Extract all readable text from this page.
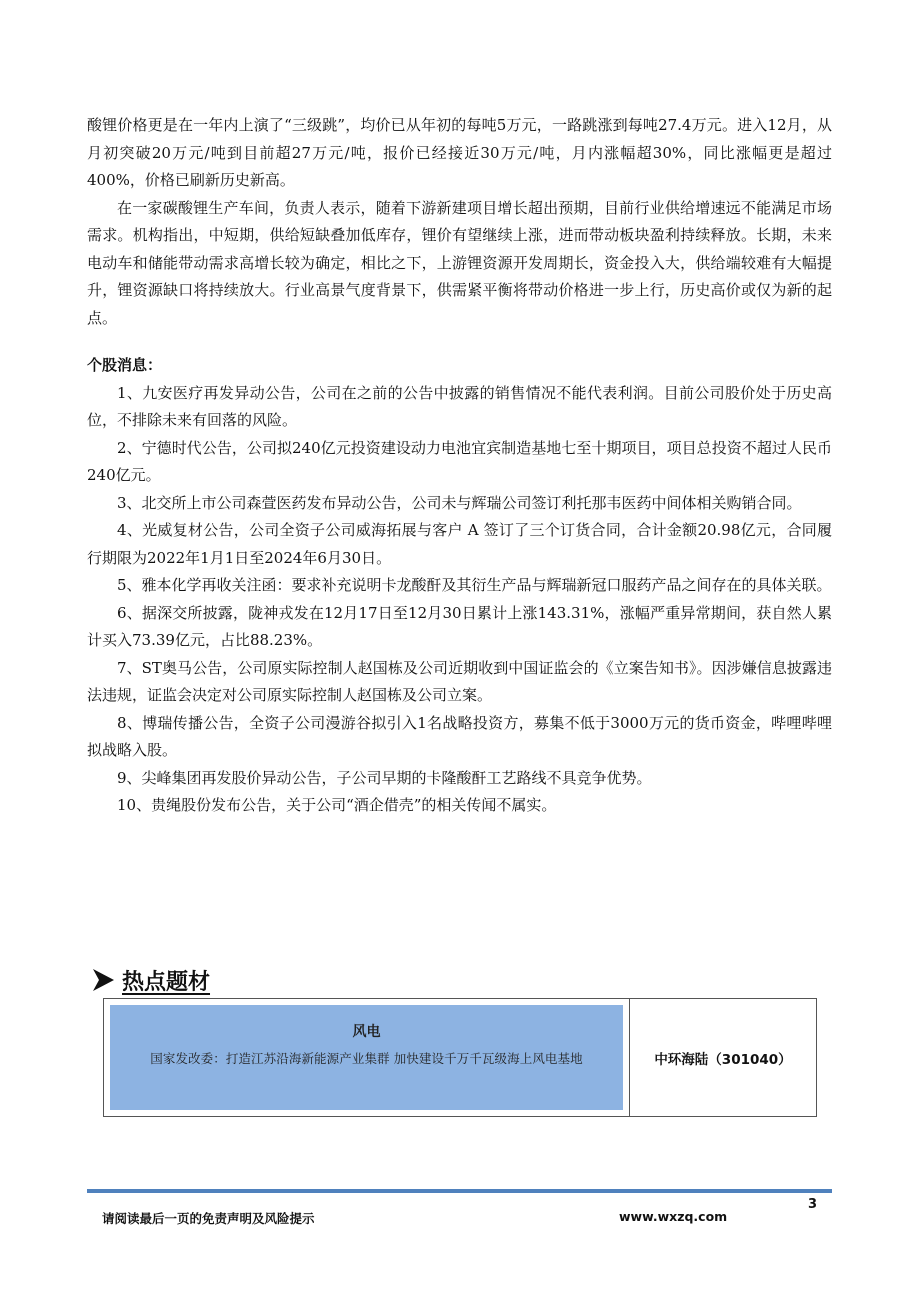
酸锂价格更是在一年内上演了“三级跳”，均价已从年初的每吨5万元，一路跳涨到每吨27.4万元。进入12月，从月初突破20万元/吨到目前超27万元/吨，报价已经接近30万元/吨，月内涨幅超30%，同比涨幅更是超过400%，价格已刷新历史新高。

在一家碳酸锂生产车间，负责人表示，随着下游新建项目增长超出预期，目前行业供给增速远不能满足市场需求。机构指出，中短期，供给短缺叠加低库存，锂价有望继续上涨，进而带动板块盈利持续释放。长期，未来电动车和储能带动需求高增长较为确定，相比之下，上游锂资源开发周期长，资金投入大，供给端较难有大幅提升，锂资源缺口将持续放大。行业高景气度背景下，供需紧平衡将带动价格进一步上行，历史高价或仅为新的起点。

个股消息：

1、九安医疗再发异动公告，公司在之前的公告中披露的销售情况不能代表利润。目前公司股价处于历史高位，不排除未来有回落的风险。
2、宁德时代公告，公司拟240亿元投资建设动力电池宜宾制造基地七至十期项目，项目总投资不超过人民币240亿元。
3、北交所上市公司森萱医药发布异动公告，公司未与辉瑞公司签订利托那韦医药中间体相关购销合同。
4、光威复材公告，公司全资子公司威海拓展与客户 A 签订了三个订货合同，合计金额20.98亿元，合同履行期限为2022年1月1日至2024年6月30日。
5、雅本化学再收关注函：要求补充说明卡龙酸酐及其衍生产品与辉瑞新冠口服药产品之间存在的具体关联。
6、据深交所披露，陇神戎发在12月17日至12月30日累计上涨143.31%，涨幅严重异常期间，获自然人累计买入73.39亿元，占比88.23%。
7、ST奥马公告，公司原实际控制人赵国栋及公司近期收到中国证监会的《立案告知书》。因涉嫌信息披露违法违规，证监会决定对公司原实际控制人赵国栋及公司立案。
8、博瑞传播公告，全资子公司漫游谷拟引入1名战略投资方，募集不低于3000万元的货币资金，哔哩哔哩拟战略入股。
9、尖峰集团再发股价异动公告，子公司早期的卡隆酸酐工艺路线不具竞争优势。
10、贵绳股份发布公告，关于公司“酒企借壳”的相关传闻不属实。
热点题材
风电
国家发改委：打造江苏沿海新能源产业集群 加快建设千万千瓦级海上风电基地	中环海陆（301040）
3
请阅读最后一页的免责声明及风险提示	www.wxzq.com
